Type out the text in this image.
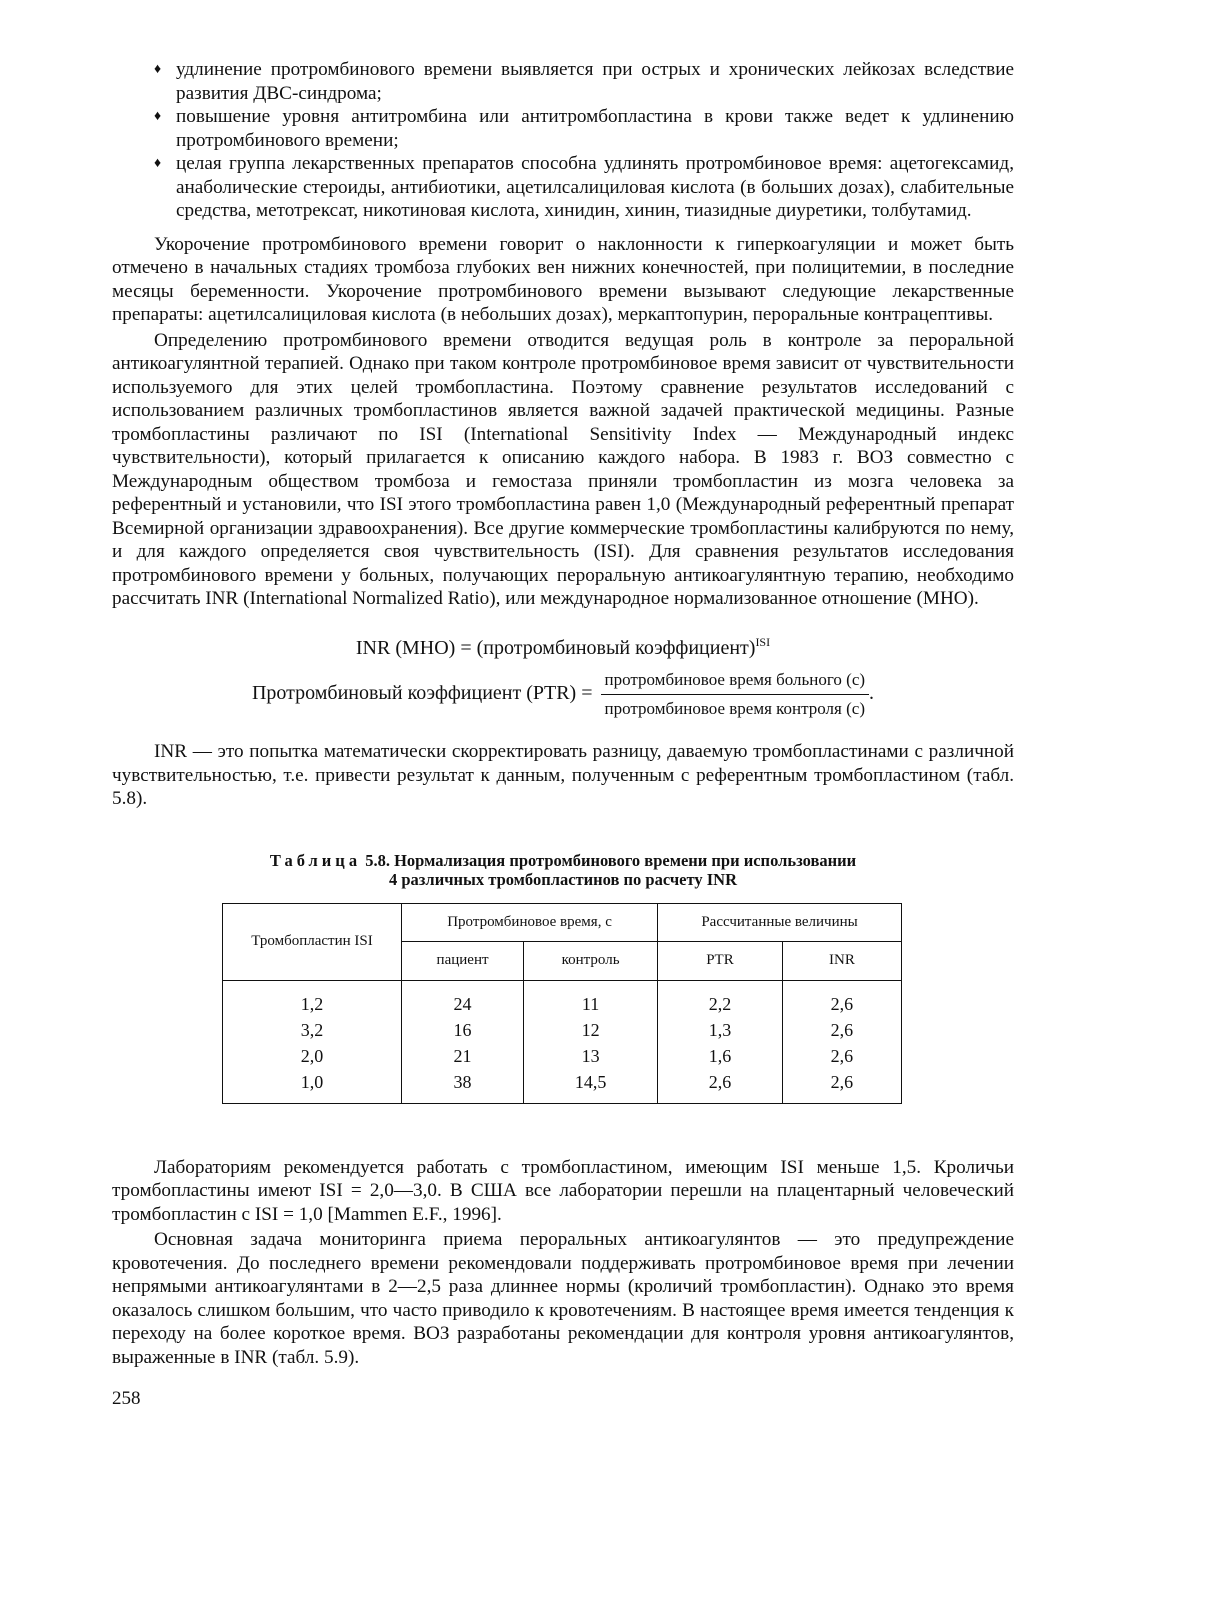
♦ удлинение протромбинового времени выявляется при острых и хронических лейкозах вследствие развития ДВС-синдрома;
♦ повышение уровня антитромбина или антитромбопластина в крови также ведет к удлинению протромбинового времени;
♦ целая группа лекарственных препаратов способна удлинять протромбиновое время: ацетогексамид, анаболические стероиды, антибиотики, ацетилсалициловая кислота (в больших дозах), слабительные средства, метотрексат, никотиновая кислота, хинидин, хинин, тиазидные диуретики, толбутамид.

Укорочение протромбинового времени говорит о наклонности к гиперкоагуляции и может быть отмечено в начальных стадиях тромбоза глубоких вен нижних конечностей, при полицитемии, в последние месяцы беременности. Укорочение протромбинового времени вызывают следующие лекарственные препараты: ацетилсалициловая кислота (в небольших дозах), меркаптопурин, пероральные контрацептивы.

Определению протромбинового времени отводится ведущая роль в контроле за пероральной антикоагулянтной терапией. Однако при таком контроле протромбиновое время зависит от чувствительности используемого для этих целей тромбопластина. Поэтому сравнение результатов исследований с использованием различных тромбопластинов является важной задачей практической медицины. Разные тромбопластины различают по ISI (International Sensitivity Index — Международный индекс чувствительности), который прилагается к описанию каждого набора. В 1983 г. ВОЗ совместно с Международным обществом тромбоза и гемостаза приняли тромбопластин из мозга человека за референтный и установили, что ISI этого тромбопластина равен 1,0 (Международный референтный препарат Всемирной организации здравоохранения). Все другие коммерческие тромбопластины калибруются по нему, и для каждого определяется своя чувствительность (ISI). Для сравнения результатов исследования протромбинового времени у больных, получающих пероральную антикоагулянтную терапию, необходимо рассчитать INR (International Normalized Ratio), или международное нормализованное отношение (МНО).

INR (МНО) = (протромбиновый коэффициент)$^{ISI}$
Протромбиновый коэффициент $(PTR) = \frac{\text{протромбиновое время больного (с)}}{\text{протромбиновое время контроля (с)}}$ .

INR — это попытка математически скорректировать разницу, даваемую тромбопластинами с различной чувствительностью, т.е. привести результат к данным, полученным с референтным тромбопластином (табл. 5.8).

Таблица 5.8. Нормализация протромбинового времени при использовании
4 различных тромбопластинов по расчету INR
Тромбопластин ISI	Протромбиновое время, с		Рассчитанные величины	
	пациент	контроль	PTR	INR
1,2	24	11	2,2	2,6
3,2	16	12	1,3	2,6
2,0	21	13	1,6	2,6
1,0	38	14,5	2,6	2,6

Лабораториям рекомендуется работать с тромбопластином, имеющим ISI меньше 1,5. Кроличьи тромбопластины имеют ISI = 2,0—3,0. В США все лаборатории перешли на плацентарный человеческий тромбопластин с ISI = 1,0 [Mammen E.F., 1996].

Основная задача мониторинга приема пероральных антикоагулянтов — это предупреждение кровотечения. До последнего времени рекомендовали поддерживать протромбиновое время при лечении непрямыми антикоагулянтами в 2—2,5 раза длиннее нормы (кроличий тромбопластин). Однако это время оказалось слишком большим, что часто приводило к кровотечениям. В настоящее время имеется тенденция к переходу на более короткое время. ВОЗ разработаны рекомендации для контроля уровня антикоагулянтов, выраженные в INR (табл. 5.9).

258
